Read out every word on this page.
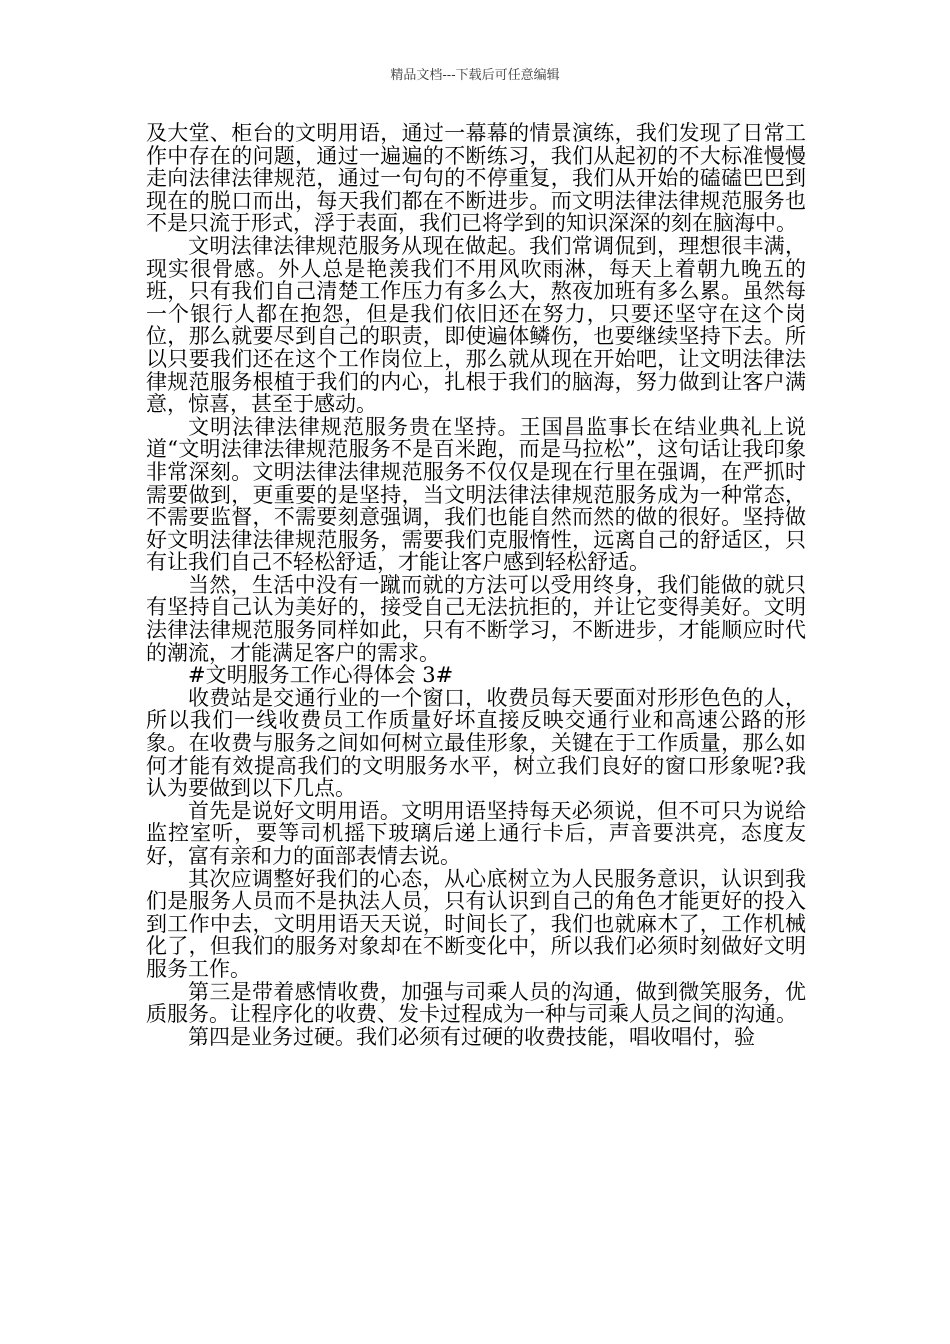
精品文档---下载后可任意编辑

及大堂、柜台的文明用语，通过一幕幕的情景演练，我们发现了日常工作中存在的问题，通过一遍遍的不断练习，我们从起初的不大标准慢慢走向法律法律规范，通过一句句的不停重复，我们从开始的磕磕巴巴到现在的脱口而出，每天我们都在不断进步。而文明法律法律规范服务也不是只流于形式，浮于表面，我们已将学到的知识深深的刻在脑海中。

文明法律法律规范服务从现在做起。我们常调侃到，理想很丰满，现实很骨感。外人总是艳羡我们不用风吹雨淋，每天上着朝九晚五的班，只有我们自己清楚工作压力有多么大，熬夜加班有多么累。虽然每一个银行人都在抱怨，但是我们依旧还在努力，只要还坚守在这个岗位，那么就要尽到自己的职责，即使遍体鳞伤，也要继续坚持下去。所以只要我们还在这个工作岗位上，那么就从现在开始吧，让文明法律法律规范服务根植于我们的内心，扎根于我们的脑海，努力做到让客户满意，惊喜，甚至于感动。

文明法律法律规范服务贵在坚持。王国昌监事长在结业典礼上说道“文明法律法律规范服务不是百米跑，而是马拉松”，这句话让我印象非常深刻。文明法律法律规范服务不仅仅是现在行里在强调，在严抓时需要做到，更重要的是坚持，当文明法律法律规范服务成为一种常态，不需要监督，不需要刻意强调，我们也能自然而然的做的很好。坚持做好文明法律法律规范服务，需要我们克服惰性，远离自己的舒适区，只有让我们自己不轻松舒适，才能让客户感到轻松舒适。

当然，生活中没有一蹴而就的方法可以受用终身，我们能做的就只有坚持自己认为美好的，接受自己无法抗拒的，并让它变得美好。文明法律法律规范服务同样如此，只有不断学习，不断进步，才能顺应时代的潮流，才能满足客户的需求。

#文明服务工作心得体会 3#

收费站是交通行业的一个窗口，收费员每天要面对形形色色的人，所以我们一线收费员工作质量好坏直接反映交通行业和高速公路的形象。在收费与服务之间如何树立最佳形象，关键在于工作质量，那么如何才能有效提高我们的文明服务水平，树立我们良好的窗口形象呢?我认为要做到以下几点。

首先是说好文明用语。文明用语坚持每天必须说，但不可只为说给监控室听，要等司机摇下玻璃后递上通行卡后，声音要洪亮，态度友好，富有亲和力的面部表情去说。

其次应调整好我们的心态，从心底树立为人民服务意识，认识到我们是服务人员而不是执法人员，只有认识到自己的角色才能更好的投入到工作中去，文明用语天天说，时间长了，我们也就麻木了，工作机械化了，但我们的服务对象却在不断变化中，所以我们必须时刻做好文明服务工作。

第三是带着感情收费，加强与司乘人员的沟通，做到微笑服务，优质服务。让程序化的收费、发卡过程成为一种与司乘人员之间的沟通。

第四是业务过硬。我们必须有过硬的收费技能，唱收唱付，验
